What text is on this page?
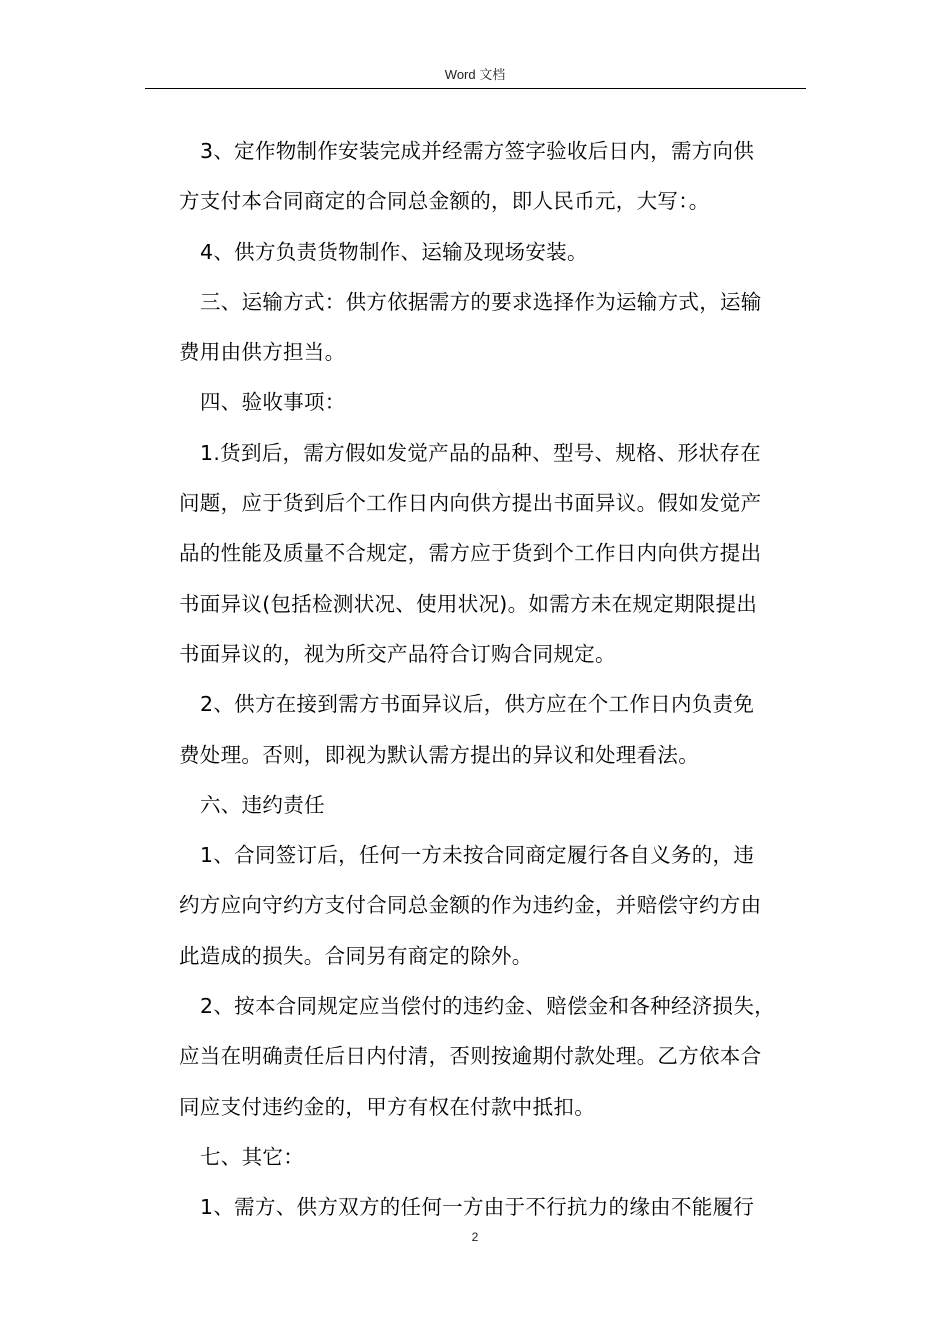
Word 文档

3、定作物制作安装完成并经需方签字验收后日内，需方向供

方支付本合同商定的合同总金额的，即人民币元，大写：。

4、供方负责货物制作、运输及现场安装。

三、运输方式：供方依据需方的要求选择作为运输方式，运输

费用由供方担当。

四、验收事项：

1.货到后，需方假如发觉产品的品种、型号、规格、形状存在

问题，应于货到后个工作日内向供方提出书面异议。假如发觉产

品的性能及质量不合规定，需方应于货到个工作日内向供方提出

书面异议(包括检测状况、使用状况)。如需方未在规定期限提出

书面异议的，视为所交产品符合订购合同规定。

2、供方在接到需方书面异议后，供方应在个工作日内负责免

费处理。否则，即视为默认需方提出的异议和处理看法。

六、违约责任

1、合同签订后，任何一方未按合同商定履行各自义务的，违

约方应向守约方支付合同总金额的作为违约金，并赔偿守约方由

此造成的损失。合同另有商定的除外。

2、按本合同规定应当偿付的违约金、赔偿金和各种经济损失，

应当在明确责任后日内付清，否则按逾期付款处理。乙方依本合

同应支付违约金的，甲方有权在付款中抵扣。

七、其它：

1、需方、供方双方的任何一方由于不行抗力的缘由不能履行

2
